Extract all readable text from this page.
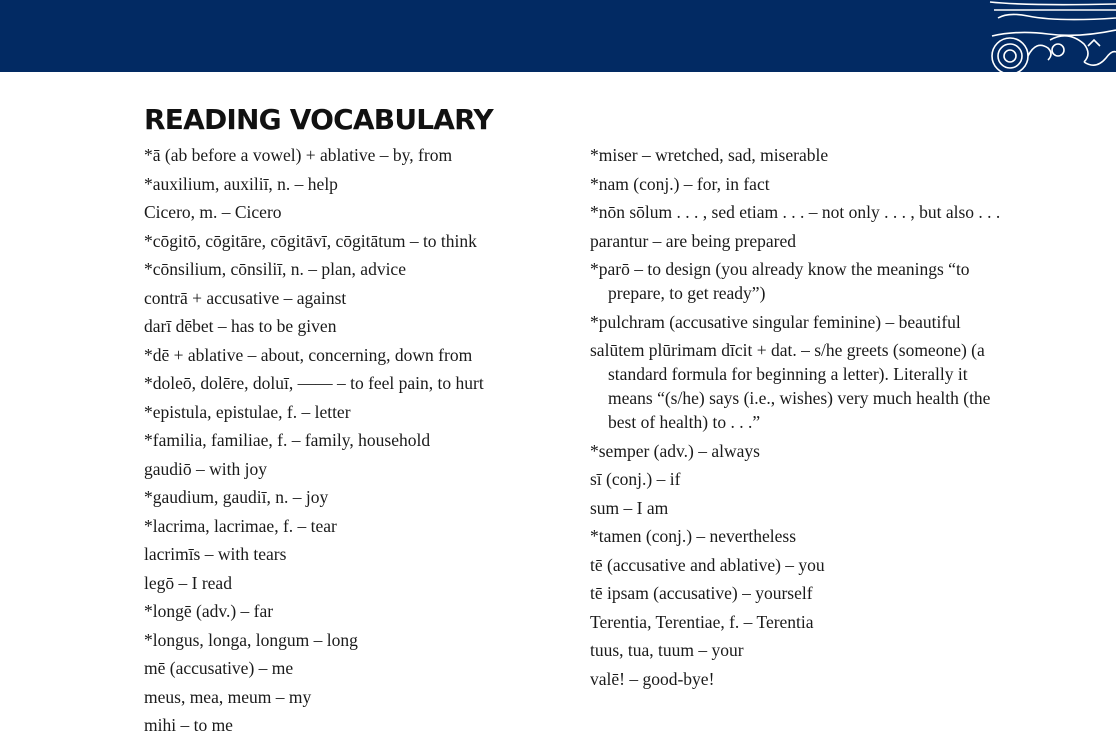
READING VOCABULARY
*ā (ab before a vowel) + ablative – by, from
*auxilium, auxiliī, n. – help
Cicero, m. – Cicero
*cōgitō, cōgitāre, cōgitāvī, cōgitātum – to think
*cōnsilium, cōnsiliī, n. – plan, advice
contrā + accusative – against
darī dēbet – has to be given
*dē + ablative – about, concerning, down from
*doleō, dolēre, doluī, —— – to feel pain, to hurt
*epistula, epistulae, f. – letter
*familia, familiae, f. – family, household
gaudiō – with joy
*gaudium, gaudiī, n. – joy
*lacrima, lacrimae, f. – tear
lacrimīs – with tears
legō – I read
*longē (adv.) – far
*longus, longa, longum – long
mē (accusative) – me
meus, mea, meum – my
mihi – to me
*miser – wretched, sad, miserable
*nam (conj.) – for, in fact
*nōn sōlum . . . , sed etiam . . . – not only . . . , but also . . .
parantur – are being prepared
*parō – to design (you already know the meanings “to prepare, to get ready”)
*pulchram (accusative singular feminine) – beautiful
salūtem plūrimam dīcit + dat. – s/he greets (someone) (a standard formula for beginning a letter). Literally it means “(s/he) says (i.e., wishes) very much health (the best of health) to . . .”
*semper (adv.) – always
sī (conj.) – if
sum – I am
*tamen (conj.) – nevertheless
tē (accusative and ablative) – you
tē ipsam (accusative) – yourself
Terentia, Terentiae, f. – Terentia
tuus, tua, tuum – your
valē! – good-bye!
